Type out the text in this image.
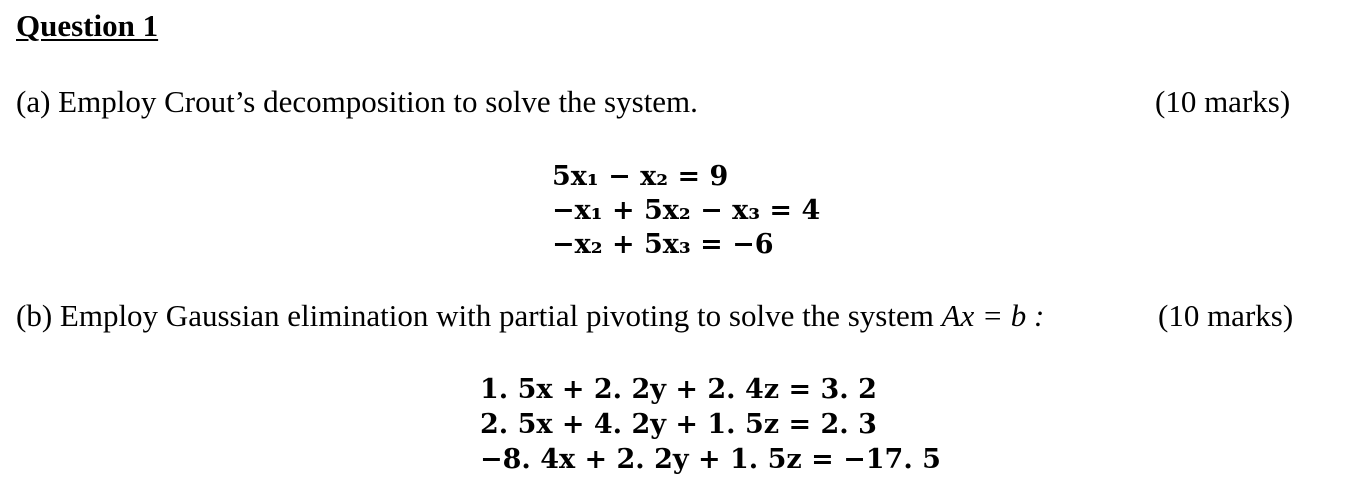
Question 1
(a) Employ Crout’s decomposition to solve the system.	(10 marks)
5x₁ − x₂ = 9
−x₁ + 5x₂ − x₃ = 4
−x₂ + 5x₃ = −6
(b) Employ Gaussian elimination with partial pivoting to solve the system Ax = b :	(10 marks)
1. 5x + 2. 2y + 2. 4z = 3. 2
2. 5x + 4. 2y + 1. 5z = 2. 3
−8. 4x + 2. 2y + 1. 5z = −17. 5
